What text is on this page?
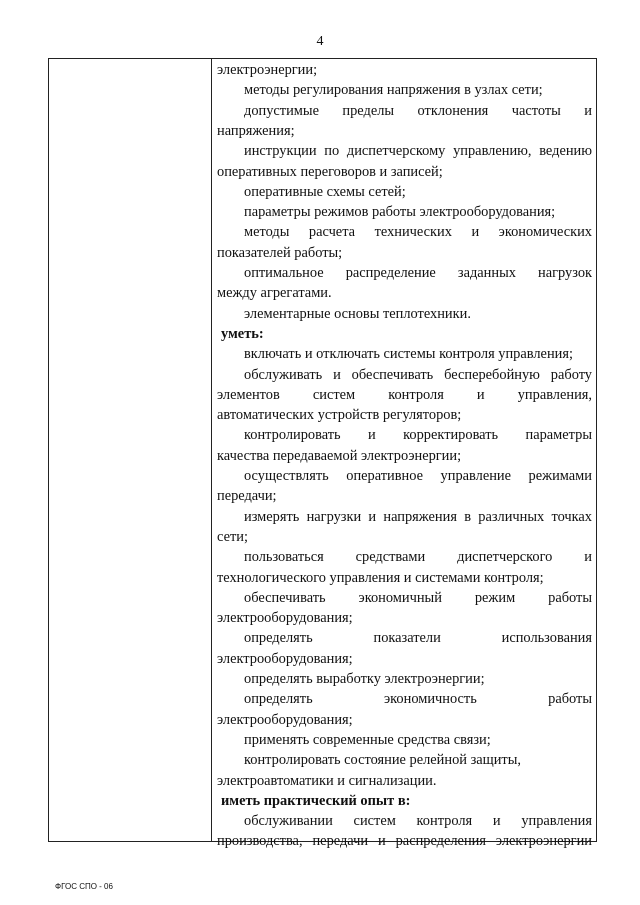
4
электроэнергии;
методы регулирования напряжения в узлах сети;
допустимые пределы отклонения частоты и
напряжения;
инструкции по диспетчерскому управлению, ведению
оперативных переговоров и записей;
оперативные схемы сетей;
параметры режимов работы электрооборудования;
методы расчета технических и экономических
показателей работы;
оптимальное распределение заданных нагрузок
между агрегатами.
элементарные основы теплотехники.
уметь:
включать и отключать системы контроля управления;
обслуживать и обеспечивать бесперебойную работу
элементов систем контроля и управления,
автоматических устройств регуляторов;
контролировать и корректировать параметры
качества передаваемой электроэнергии;
осуществлять оперативное управление режимами
передачи;
измерять нагрузки и напряжения в различных точках
сети;
пользоваться средствами диспетчерского и
технологического управления и системами контроля;
обеспечивать экономичный режим работы
электрооборудования;
определять показатели использования
электрооборудования;
определять выработку электроэнергии;
определять экономичность работы
электрооборудования;
применять современные средства связи;
контролировать состояние релейной защиты,
электроавтоматики и сигнализации.
иметь практический опыт в:
обслуживании систем контроля и управления
производства, передачи и распределения электроэнергии
ФГОС СПО - 06
